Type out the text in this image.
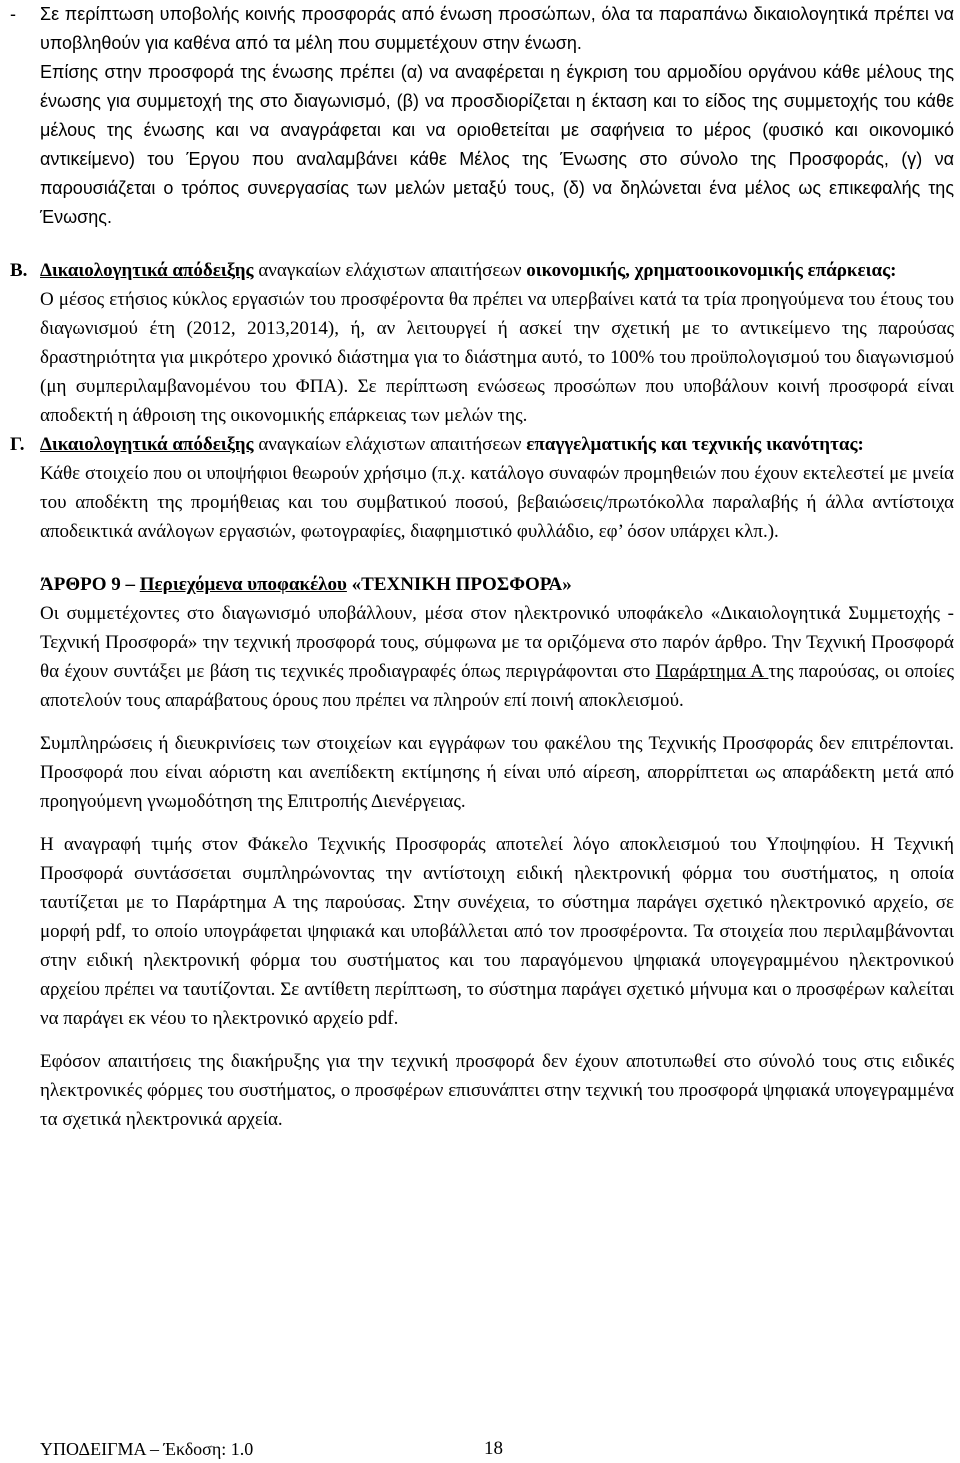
- Σε περίπτωση υποβολής κοινής προσφοράς από ένωση προσώπων, όλα τα παραπάνω δικαιολογητικά πρέπει να υποβληθούν για καθένα από τα μέλη που συμμετέχουν στην ένωση.

Επίσης στην προσφορά της ένωσης πρέπει (α) να αναφέρεται η έγκριση του αρμοδίου οργάνου κάθε μέλους της ένωσης για συμμετοχή της στο διαγωνισμό, (β) να προσδιορίζεται η έκταση και το είδος της συμμετοχής του κάθε μέλους της ένωσης και να αναγράφεται και να οριοθετείται με σαφήνεια το μέρος (φυσικό και οικονομικό αντικείμενο) του Έργου που αναλαμβάνει κάθε Μέλος της Ένωσης στο σύνολο της Προσφοράς, (γ) να παρουσιάζεται ο τρόπος συνεργασίας των μελών μεταξύ τους, (δ) να δηλώνεται ένα μέλος ως επικεφαλής της Ένωσης.

Β. Δικαιολογητικά απόδειξης αναγκαίων ελάχιστων απαιτήσεων οικονομικής, χρηματοοικονομικής επάρκειας:

Ο μέσος ετήσιος κύκλος εργασιών του προσφέροντα θα πρέπει να υπερβαίνει κατά τα τρία προηγούμενα του έτους του διαγωνισμού έτη (2012, 2013,2014), ή, αν λειτουργεί ή ασκεί την σχετική με το αντικείμενο της παρούσας δραστηριότητα για μικρότερο χρονικό διάστημα για το διάστημα αυτό, το 100% του προϋπολογισμού του διαγωνισμού (μη συμπεριλαμβανομένου του ΦΠΑ). Σε περίπτωση ενώσεως προσώπων που υποβάλουν κοινή προσφορά είναι αποδεκτή η άθροιση της οικονομικής επάρκειας των μελών της.

Γ. Δικαιολογητικά απόδειξης αναγκαίων ελάχιστων απαιτήσεων επαγγελματικής και τεχνικής ικανότητας:

Κάθε στοιχείο που οι υποψήφιοι θεωρούν χρήσιμο (π.χ. κατάλογο συναφών προμηθειών που έχουν εκτελεστεί με μνεία του αποδέκτη της προμήθειας και του συμβατικού ποσού, βεβαιώσεις/πρωτόκολλα παραλαβής ή άλλα αντίστοιχα αποδεικτικά ανάλογων εργασιών, φωτογραφίες, διαφημιστικό φυλλάδιο, εφ’ όσον υπάρχει κλπ.).

ΆΡΘΡΟ 9 – Περιεχόμενα υποφακέλου «ΤΕΧΝΙΚΗ ΠΡΟΣΦΟΡΑ»

Οι συμμετέχοντες στο διαγωνισμό υποβάλλουν, μέσα στον ηλεκτρονικό υποφάκελο «Δικαιολογητικά Συμμετοχής - Τεχνική Προσφορά» την τεχνική προσφορά τους, σύμφωνα με τα οριζόμενα στο παρόν άρθρο. Την Τεχνική Προσφορά θα έχουν συντάξει με βάση τις τεχνικές προδιαγραφές όπως περιγράφονται στο Παράρτημα Α της παρούσας, οι οποίες αποτελούν τους απαράβατους όρους που πρέπει να πληρούν επί ποινή αποκλεισμού.

Συμπληρώσεις ή διευκρινίσεις των στοιχείων και εγγράφων του φακέλου της Τεχνικής Προσφοράς δεν επιτρέπονται. Προσφορά που είναι αόριστη και ανεπίδεκτη εκτίμησης ή είναι υπό αίρεση, απορρίπτεται ως απαράδεκτη μετά από προηγούμενη γνωμοδότηση της Επιτροπής Διενέργειας.

Η αναγραφή τιμής στον Φάκελο Τεχνικής Προσφοράς αποτελεί λόγο αποκλεισμού του Υποψηφίου. Η Τεχνική Προσφορά συντάσσεται συμπληρώνοντας την αντίστοιχη ειδική ηλεκτρονική φόρμα του συστήματος, η οποία ταυτίζεται με το Παράρτημα Α της παρούσας. Στην συνέχεια, το σύστημα παράγει σχετικό ηλεκτρονικό αρχείο, σε μορφή pdf, το οποίο υπογράφεται ψηφιακά και υποβάλλεται από τον προσφέροντα. Τα στοιχεία που περιλαμβάνονται στην ειδική ηλεκτρονική φόρμα του συστήματος και του παραγόμενου ψηφιακά υπογεγραμμένου ηλεκτρονικού αρχείου πρέπει να ταυτίζονται. Σε αντίθετη περίπτωση, το σύστημα παράγει σχετικό μήνυμα και ο προσφέρων καλείται να παράγει εκ νέου το ηλεκτρονικό αρχείο pdf.

Εφόσον απαιτήσεις της διακήρυξης για την τεχνική προσφορά δεν έχουν αποτυπωθεί στο σύνολό τους στις ειδικές ηλεκτρονικές φόρμες του συστήματος, ο προσφέρων επισυνάπτει στην τεχνική του προσφορά ψηφιακά υπογεγραμμένα τα σχετικά ηλεκτρονικά αρχεία.

ΥΠΟΔΕΙΓΜΑ – Έκδοση: 1.0	18
